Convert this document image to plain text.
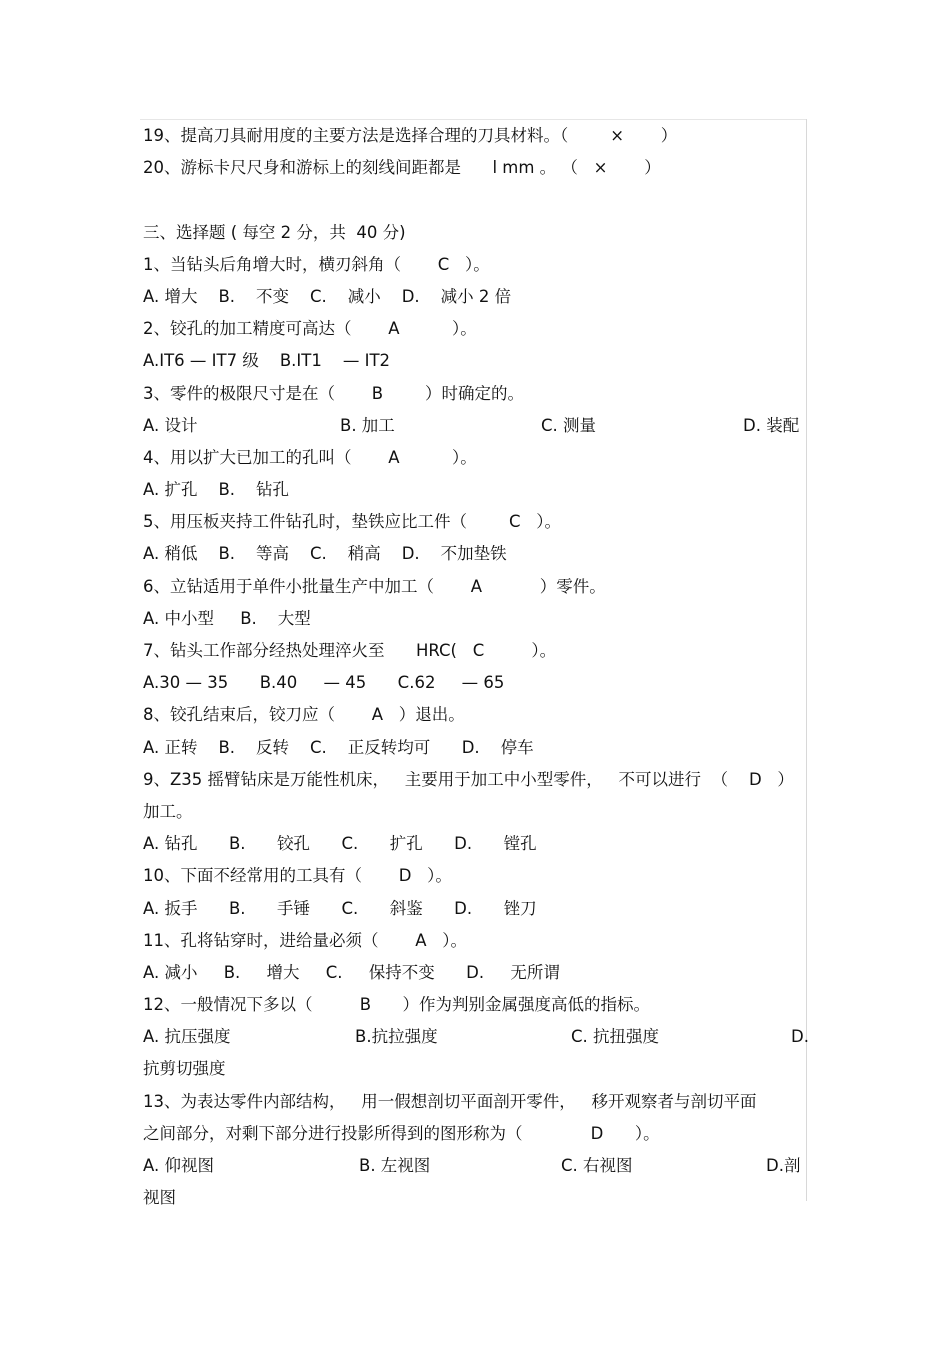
19、提高刀具耐用度的主要方法是选择合理的刀具材料。（        ×       ）
20、游标卡尺尺身和游标上的刻线间距都是      l mm 。 （   ×       ）
三、选择题 ( 每空 2 分，共  40 分)
1、当钻头后角增大时，横刃斜角（       C   ）。
A. 增大    B.    不变    C.    减小    D.    减小 2 倍
2、铰孔的加工精度可高达（       A          ）。
A.IT6 — IT7 级    B.IT1    — IT2
3、零件的极限尺寸是在（       B        ）时确定的。

A. 设计

	B. 加工

	C. 测量

	D. 装配

4、用以扩大已加工的孔叫（       A          ）。
A. 扩孔    B.    钻孔
5、用压板夹持工件钻孔时，垫铁应比工件（        C   ）。
A. 稍低    B.    等高    C.    稍高    D.    不加垫铁
6、立钻适用于单件小批量生产中加工（       A           ）零件。
A. 中小型     B.    大型
7、钻头工作部分经热处理淬火至      HRC(   C         ）。
A.30 — 35      B.40     — 45      C.62     — 65
8、铰孔结束后，铰刀应（       A   ）退出。
A. 正转    B.    反转    C.    正反转均可      D.    停车
9、Z35 摇臂钻床是万能性机床，   主要用于加工中小型零件，   不可以进行  （    D   ）
加工。
A. 钻孔      B.      铰孔      C.      扩孔      D.      镗孔
10、下面不经常用的工具有（       D   ）。
A. 扳手      B.      手锤      C.      斜鉴      D.      锉刀
11、孔将钻穿时，进给量必须（       A   ）。
A. 减小     B.     增大     C.     保持不变      D.     无所谓
12、一般情况下多以（         B      ）作为判别金属强度高低的指标。

A. 抗压强度

	B.抗拉强度

	C. 抗扭强度

	D.

抗剪切强度
13、为表达零件内部结构，   用一假想剖切平面剖开零件，   移开观察者与剖切平面
之间部分，对剩下部分进行投影所得到的图形称为（             D      ）。

A. 仰视图

	B. 左视图

	C. 右视图

	D.剖

视图
